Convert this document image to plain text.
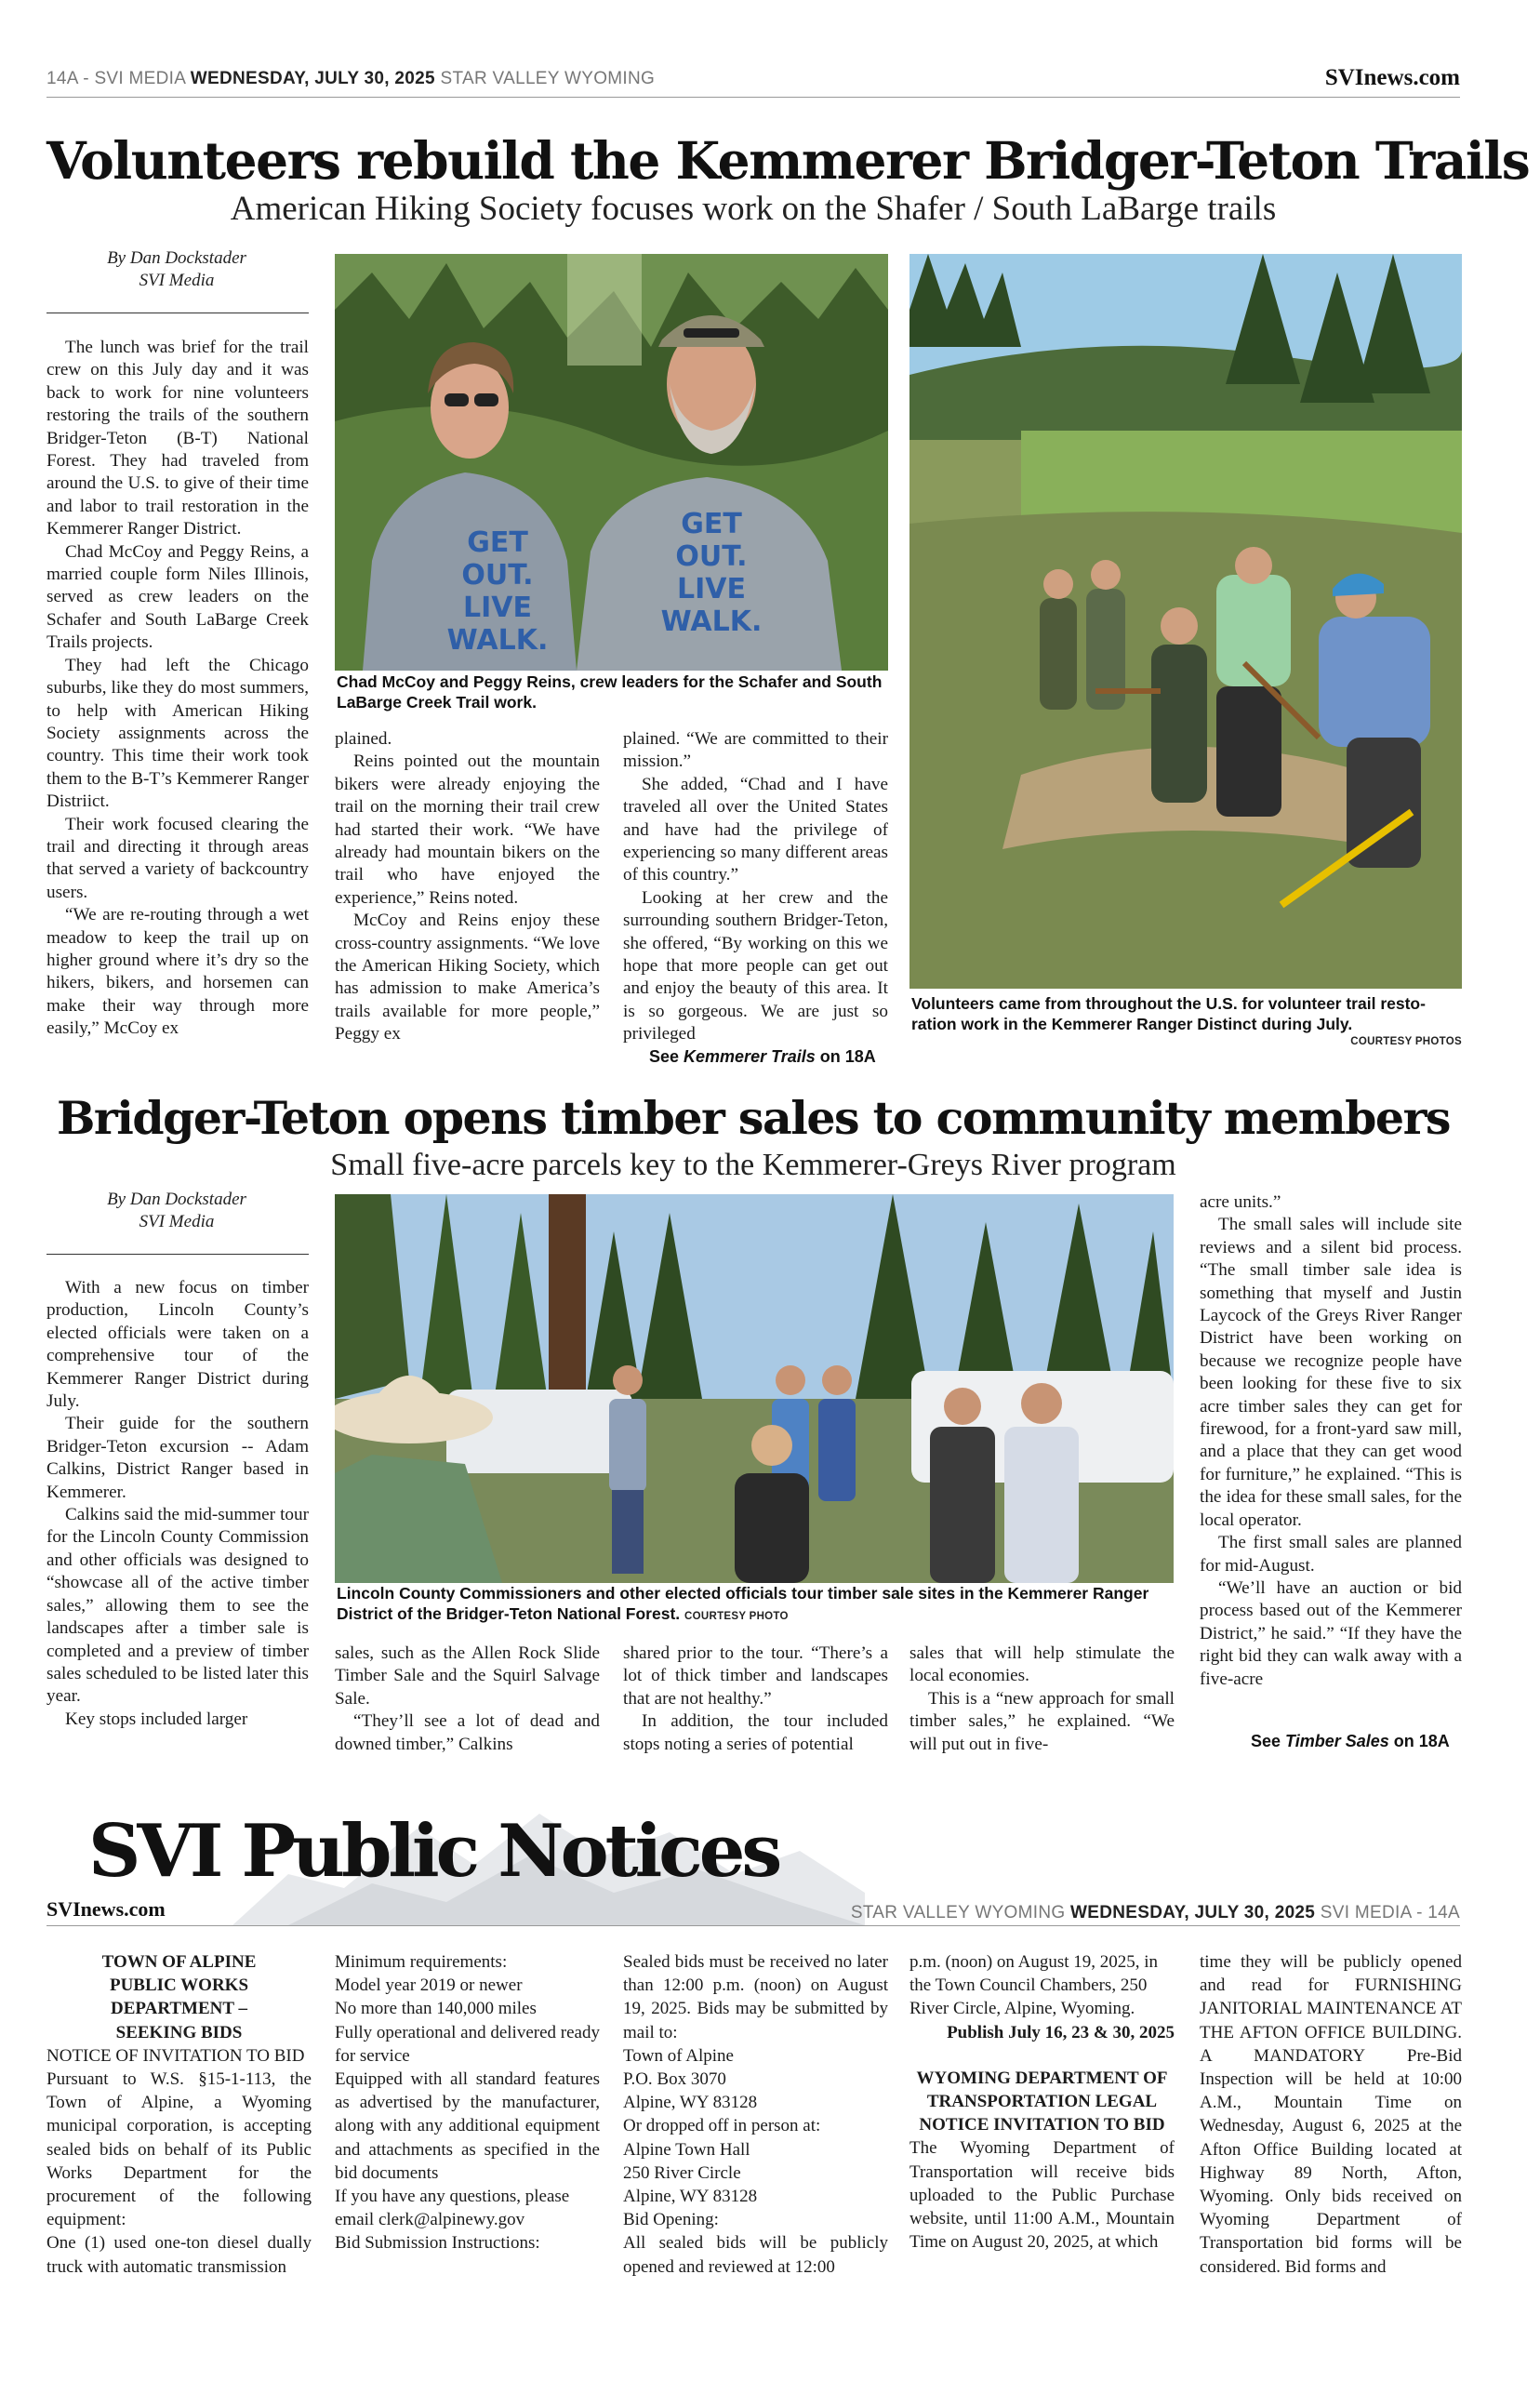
14A - SVI MEDIA WEDNESDAY, JULY 30, 2025 STAR VALLEY WYOMING	SVInews.com
Volunteers rebuild the Kemmerer Bridger-Teton Trails
American Hiking Society focuses work on the Shafer / South LaBarge trails
By Dan Dockstader
SVI Media

The lunch was brief for the trail crew on this July day and it was back to work for nine volunteers restoring the trails of the southern Bridger-Teton (B-T) National Forest. They had traveled from around the U.S. to give of their time and labor to trail restoration in the Kemmerer Ranger District.

Chad McCoy and Peggy Reins, a married couple form Niles Illinois, served as crew leaders on the Schafer and South LaBarge Creek Trails projects.

They had left the Chicago suburbs, like they do most summers, to help with American Hiking Society assignments across the country. This time their work took them to the B-T’s Kemmerer Ranger Distriict.

Their work focused clearing the trail and directing it through areas that served a variety of backcountry users.

“We are re-routing through a wet meadow to keep the trail up on higher ground where it’s dry so the hikers, bikers, and horsemen can make their way through more easily,” McCoy ex

GET
OUT.
LIVE
WALK.
GET
OUT.
LIVE
WALK.
Chad McCoy and Peggy Reins, crew leaders for the Schafer and South LaBarge Creek Trail work.

plained.

Reins pointed out the mountain bikers were already enjoying the trail on the morning their trail crew had started their work. “We have already had mountain bikers on the trail who have enjoyed the experience,” Reins noted.

McCoy and Reins enjoy these cross-country assignments. “We love the American Hiking Society, which has admission to make America’s trails available for more people,” Peggy ex

plained. “We are committed to their mission.”

She added, “Chad and I have traveled all over the United States and have had the privilege of experiencing so many different areas of this country.”

Looking at her crew and the surrounding southern Bridger-Teton, she offered, “By working on this we hope that more people can get out and enjoy the beauty of this area. It is so gorgeous. We are just so privileged

See Kemmerer Trails on 18A
Volunteers came from throughout the U.S. for volunteer trail restoration work in the Kemmerer Ranger Distinct during July.
COURTESY PHOTOS
Bridger-Teton opens timber sales to community members
Small five-acre parcels key to the Kemmerer-Greys River program
By Dan Dockstader
SVI Media

With a new focus on timber production, Lincoln County’s elected officials were taken on a comprehensive tour of the Kemmerer Ranger District during July.

Their guide for the southern Bridger-Teton excursion -- Adam Calkins, District Ranger based in Kemmerer.

Calkins said the mid-summer tour for the Lincoln County Commission and other officials was designed to “showcase all of the active timber sales,” allowing them to see the landscapes after a timber sale is completed and a preview of timber sales scheduled to be listed later this year.

Key stops included larger

Lincoln County Commissioners and other elected officials tour timber sale sites in the Kemmerer Ranger District of the Bridger-Teton National Forest. COURTESY PHOTO

sales, such as the Allen Rock Slide Timber Sale and the Squirl Salvage Sale.

“They’ll see a lot of dead and downed timber,” Calkins

shared prior to the tour. “There’s a lot of thick timber and landscapes that are not healthy.”

In addition, the tour included stops noting a series of potential

sales that will help stimulate the local economies.

This is a “new approach for small timber sales,” he explained. “We will put out in five-

acre units.”

The small sales will include site reviews and a silent bid process. “The small timber sale idea is something that myself and Justin Laycock of the Greys River Ranger District have been working on because we recognize people have been looking for these five to six acre timber sales they can get for firewood, for a front-yard saw mill, and a place that they can get wood for furniture,” he explained. “This is the idea for these small sales, for the local operator.

The first small sales are planned for mid-August.

“We’ll have an auction or bid process based out of the Kemmerer District,” he said.” “If they have the right bid they can walk away with a five-acre

See Timber Sales on 18A
SVI Public Notices
SVInews.com	STAR VALLEY WYOMING WEDNESDAY, JULY 30, 2025 SVI MEDIA - 14A

TOWN OF ALPINE PUBLIC WORKS DEPARTMENT – SEEKING BIDS

NOTICE OF INVITATION TO BID

Pursuant to W.S. §15-1-113, the Town of Alpine, a Wyoming municipal corporation, is accepting sealed bids on behalf of its Public Works Department for the procurement of the following equipment:

One (1) used one-ton diesel dually truck with automatic transmission

Minimum requirements:

Model year 2019 or newer

No more than 140,000 miles

Fully operational and delivered ready for service

Equipped with all standard features as advertised by the manufacturer, along with any additional equipment and attachments as specified in the bid documents

If you have any questions, please email clerk@alpinewy.gov

Bid Submission Instructions:

Sealed bids must be received no later than 12:00 p.m. (noon) on August 19, 2025. Bids may be submitted by mail to:

Town of Alpine

P.O. Box 3070

Alpine, WY 83128

Or dropped off in person at:

Alpine Town Hall

250 River Circle

Alpine, WY 83128

Bid Opening:

All sealed bids will be publicly opened and reviewed at 12:00

p.m. (noon) on August 19, 2025, in the Town Council Chambers, 250 River Circle, Alpine, Wyoming.

Publish July 16, 23 & 30, 2025

WYOMING DEPARTMENT OF TRANSPORTATION LEGAL NOTICE INVITATION TO BID

The Wyoming Department of Transportation will receive bids uploaded to the Public Purchase website, until 11:00 A.M., Mountain Time on August 20, 2025, at which

time they will be publicly opened and read for FURNISHING JANITORIAL MAINTENANCE AT THE AFTON OFFICE BUILDING. A MANDATORY Pre-Bid Inspection will be held at 10:00 A.M., Mountain Time on Wednesday, August 6, 2025 at the Afton Office Building located at Highway 89 North, Afton, Wyoming. Only bids received on Wyoming Department of Transportation bid forms will be considered. Bid forms and
